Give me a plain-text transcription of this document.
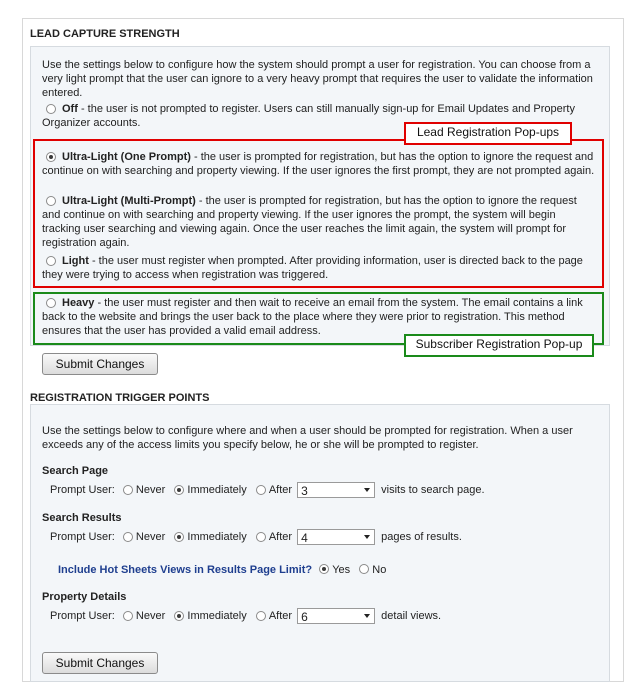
LEAD CAPTURE STRENGTH
Use the settings below to configure how the system should prompt a user for registration. You can choose from a very light prompt that the user can ignore to a very heavy prompt that requires the user to validate the information entered.
Off - the user is not prompted to register. Users can still manually sign-up for Email Updates and Property Organizer accounts.
Ultra-Light (One Prompt) - the user is prompted for registration, but has the option to ignore the request and continue on with searching and property viewing. If the user ignores the first prompt, they are not prompted again.
Ultra-Light (Multi-Prompt) - the user is prompted for registration, but has the option to ignore the request and continue on with searching and property viewing. If the user ignores the prompt, the system will begin tracking user searching and viewing again. Once the user reaches the limit again, the system will prompt for registration again.
Light - the user must register when prompted. After providing information, user is directed back to the page they were trying to access when registration was triggered.
Heavy - the user must register and then wait to receive an email from the system. The email contains a link back to the website and brings the user back to the place where they were prior to registration. This method ensures that the user has provided a valid email address.
Lead Registration Pop-ups
Subscriber Registration Pop-up
Submit Changes
REGISTRATION TRIGGER POINTS
Use the settings below to configure where and when a user should be prompted for registration. When a user exceeds any of the access limits you specify below, he or she will be prompted to register.
Search Page
Prompt User: Never Immediately After 3	visits to search page.
Search Results
Prompt User: Never Immediately After 4	pages of results.
Include Hot Sheets Views in Results Page Limit? Yes No
Property Details
Prompt User: Never Immediately After 6	detail views.
Submit Changes
